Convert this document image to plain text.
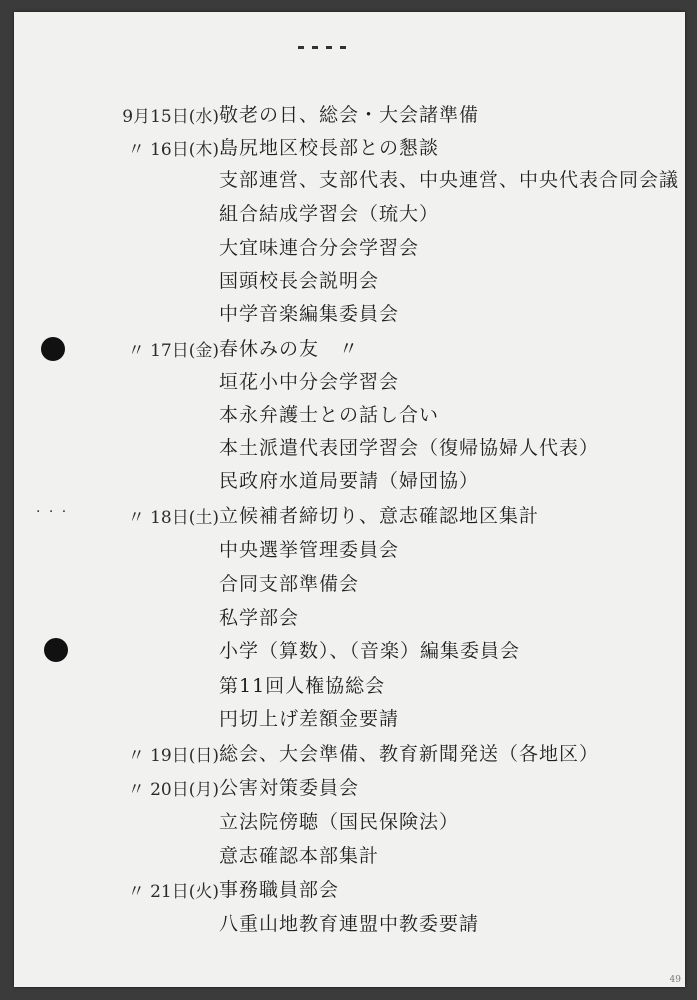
· · ·
9月15日(水) 敬老の日、総会・大会諸準備
〃 16日(木) 島尻地区校長部との懇談
支部連営、支部代表、中央連営、中央代表合同会議
組合結成学習会（琉大）
大宜味連合分会学習会
国頭校長会説明会
中学音楽編集委員会
〃 17日(金) 春休みの友　〃
垣花小中分会学習会
本永弁護士との話し合い
本土派遣代表団学習会（復帰協婦人代表）
民政府水道局要請（婦団協）
〃 18日(土) 立候補者締切り、意志確認地区集計
中央選挙管理委員会
合同支部準備会
私学部会
小学（算数）、（音楽）編集委員会
第11回人権協総会
円切上げ差額金要請
〃 19日(日) 総会、大会準備、教育新聞発送（各地区）
〃 20日(月) 公害対策委員会
立法院傍聴（国民保険法）
意志確認本部集計
〃 21日(火) 事務職員部会
八重山地教育連盟中教委要請
49
